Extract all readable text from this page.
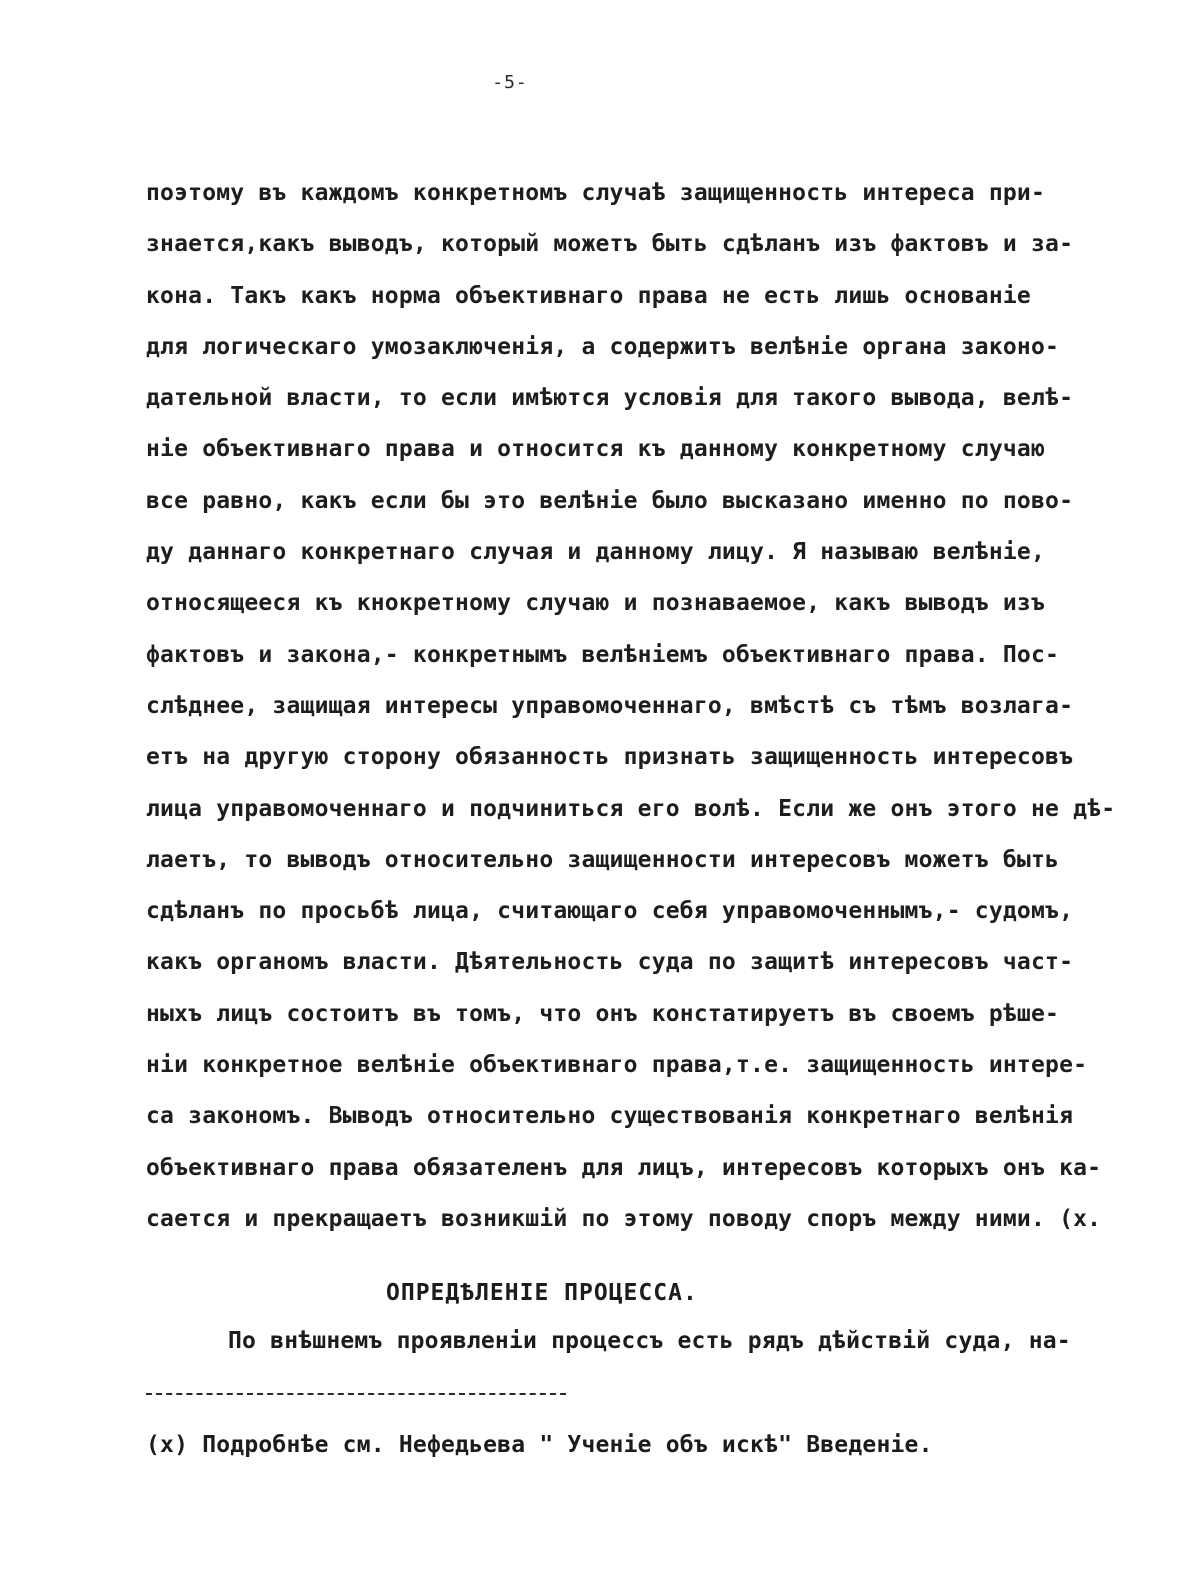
-5-
поэтому въ каждомъ конкретномъ случаѣ защищенность интереса при-
знается,какъ выводъ, который можетъ быть сдѣланъ изъ фактовъ и за-
кона. Такъ какъ норма объективнаго права не есть лишь основаніе
для логическаго умозаключенія, а содержитъ велѣніе органа законо-
дательной власти, то если имѣются условія для такого вывода, велѣ-
ніе объективнаго права и относится къ данному конкретному случаю
все равно, какъ если бы это велѣніе было высказано именно по пово-
ду даннаго конкретнаго случая и данному лицу. Я называю велѣніе,
относящееся къ кнокретному случаю и познаваемое, какъ выводъ изъ
фактовъ и закона,- конкретнымъ велѣніемъ объективнаго права. Пос-
слѣднее, защищая интересы управомоченнаго, вмѣстѣ съ тѣмъ возлага-
етъ на другую сторону обязанность признать защищенность интересовъ
лица управомоченнаго и подчиниться его волѣ. Если же онъ этого не дѣ-
лаетъ, то выводъ относительно защищенности интересовъ можетъ быть
сдѣланъ по просьбѣ лица, считающаго себя управомоченнымъ,- судомъ,
какъ органомъ власти. Дѣятельность суда по защитѣ интересовъ част-
ныхъ лицъ состоитъ въ томъ, что онъ констатируетъ въ своемъ рѣше-
ніи конкретное велѣніе объективнаго права,т.е. защищенность интере-
са закономъ. Выводъ относительно существованія конкретнаго велѣнія
объективнаго права обязателенъ для лицъ, интересовъ которыхъ онъ ка-
сается и прекращаетъ возникшій по этому поводу споръ между ними. (х.
ОПРЕДѢЛЕНІЕ ПРОЦЕССА.
По внѣшнемъ проявленіи процессъ есть рядъ дѣйствій суда, на-
(х) Подробнѣе см. Нефедьева " Ученіе объ искѣ" Введеніе.
